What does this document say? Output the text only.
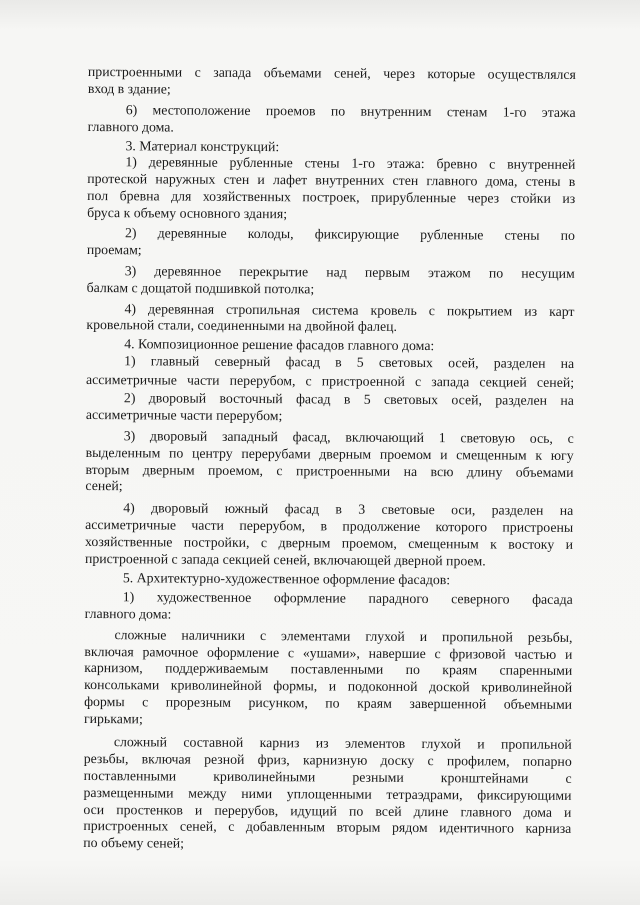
пристроенными с запада объемами сеней, через которые осуществлялся
вход в здание;
6) местоположение проемов по внутренним стенам 1-го этажа
главного дома.
3. Материал конструкций:
1) деревянные рубленные стены 1-го этажа: бревно с внутренней
протеской наружных стен и лафет внутренних стен главного дома, стены в
пол бревна для хозяйственных построек, прирубленные через стойки из
бруса к объему основного здания;
2) деревянные колоды, фиксирующие рубленные стены по
проемам;
3) деревянное перекрытие над первым этажом по несущим
балкам с дощатой подшивкой потолка;
4) деревянная стропильная система кровель с покрытием из карт
кровельной стали, соединенными на двойной фалец.
4. Композиционное решение фасадов главного дома:
1) главный северный фасад в 5 световых осей, разделен на
ассиметричные части перерубом, с пристроенной с запада секцией сеней;
2) дворовый восточный фасад в 5 световых осей, разделен на
ассиметричные части перерубом;
3) дворовый западный фасад, включающий 1 световую ось, с
выделенным по центру перерубами дверным проемом и смещенным к югу
вторым дверным проемом, с пристроенными на всю длину объемами
сеней;
4) дворовый южный фасад в 3 световые оси, разделен на
ассиметричные части перерубом, в продолжение которого пристроены
хозяйственные постройки, с дверным проемом, смещенным к востоку и
пристроенной с запада секцией сеней, включающей дверной проем.
5. Архитектурно-художественное оформление фасадов:
1) художественное оформление парадного северного фасада
главного дома:
сложные наличники с элементами глухой и пропильной резьбы,
включая рамочное оформление с «ушами», навершие с фризовой частью и
карнизом, поддерживаемым поставленными по краям спаренными
консольками криволинейной формы, и подоконной доской криволинейной
формы с прорезным рисунком, по краям завершенной объемными
гирьками;
сложный составной карниз из элементов глухой и пропильной
резьбы, включая резной фриз, карнизную доску с профилем, попарно
поставленными криволинейными резными кронштейнами с
размещенными между ними уплощенными тетраэдрами, фиксирующими
оси простенков и перерубов, идущий по всей длине главного дома и
пристроенных сеней, с добавленным вторым рядом идентичного карниза
по объему сеней;
